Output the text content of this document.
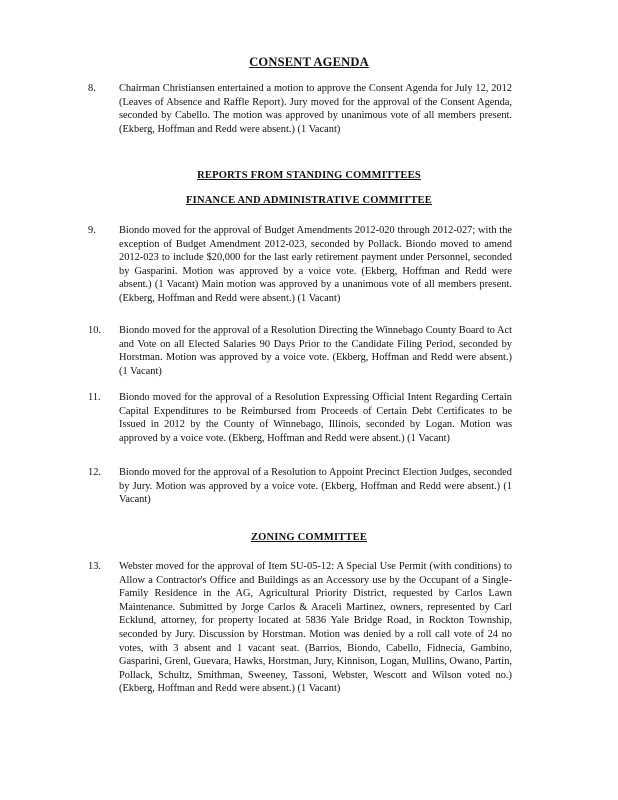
CONSENT AGENDA
8.	Chairman Christiansen entertained a motion to approve the Consent Agenda for July 12, 2012 (Leaves of Absence and Raffle Report). Jury moved for the approval of the Consent Agenda, seconded by Cabello. The motion was approved by unanimous vote of all members present. (Ekberg, Hoffman and Redd were absent.) (1 Vacant)
REPORTS FROM STANDING COMMITTEES
FINANCE AND ADMINISTRATIVE COMMITTEE
9.	Biondo moved for the approval of Budget Amendments 2012-020 through 2012-027; with the exception of Budget Amendment 2012-023, seconded by Pollack. Biondo moved to amend 2012-023 to include $20,000 for the last early retirement payment under Personnel, seconded by Gasparini. Motion was approved by a voice vote. (Ekberg, Hoffman and Redd were absent.) (1 Vacant) Main motion was approved by a unanimous vote of all members present. (Ekberg, Hoffman and Redd were absent.) (1 Vacant)
10.	Biondo moved for the approval of a Resolution Directing the Winnebago County Board to Act and Vote on all Elected Salaries 90 Days Prior to the Candidate Filing Period, seconded by Horstman. Motion was approved by a voice vote. (Ekberg, Hoffman and Redd were absent.) (1 Vacant)
11.	Biondo moved for the approval of a Resolution Expressing Official Intent Regarding Certain Capital Expenditures to be Reimbursed from Proceeds of Certain Debt Certificates to be Issued in 2012 by the County of Winnebago, Illinois, seconded by Logan. Motion was approved by a voice vote. (Ekberg, Hoffman and Redd were absent.) (1 Vacant)
12.	Biondo moved for the approval of a Resolution to Appoint Precinct Election Judges, seconded by Jury. Motion was approved by a voice vote. (Ekberg, Hoffman and Redd were absent.) (1 Vacant)
ZONING COMMITTEE
13.	Webster moved for the approval of Item SU-05-12: A Special Use Permit (with conditions) to Allow a Contractor's Office and Buildings as an Accessory use by the Occupant of a Single-Family Residence in the AG, Agricultural Priority District, requested by Carlos Lawn Maintenance. Submitted by Jorge Carlos & Araceli Martinez, owners, represented by Carl Ecklund, attorney, for property located at 5836 Yale Bridge Road, in Rockton Township, seconded by Jury. Discussion by Horstman. Motion was denied by a roll call vote of 24 no votes, with 3 absent and 1 vacant seat. (Barrios, Biondo, Cabello, Fidnecia, Gambino, Gasparini, Grenl, Guevara, Hawks, Horstman, Jury, Kinnison, Logan, Mullins, Owano, Partin, Pollack, Schultz, Smithman, Sweeney, Tassoni, Webster, Wescott and Wilson voted no.) (Ekberg, Hoffman and Redd were absent.) (1 Vacant)
